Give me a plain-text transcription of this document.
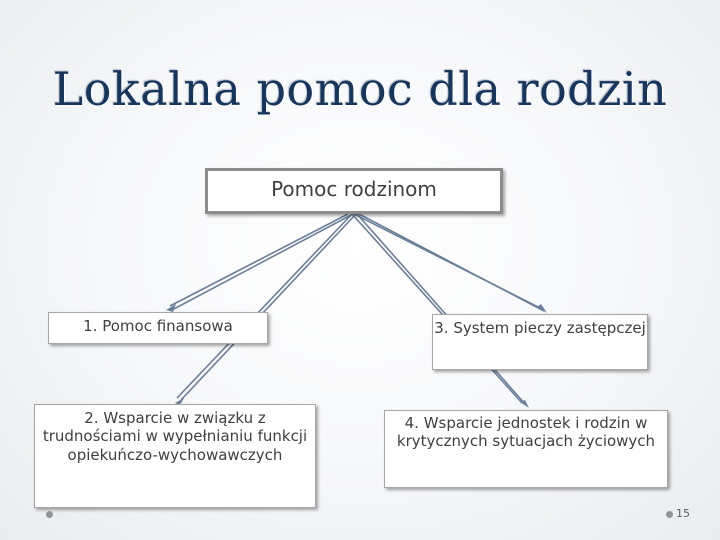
Lokalna pomoc dla rodzin
Pomoc rodzinom
1. Pomoc finansowa	3. System pieczy zastępczej
2. Wsparcie w związku z trudnościami w wypełnianiu funkcji opiekuńczo-wychowawczych
4. Wsparcie jednostek i rodzin w krytycznych sytuacjach życiowych
15
